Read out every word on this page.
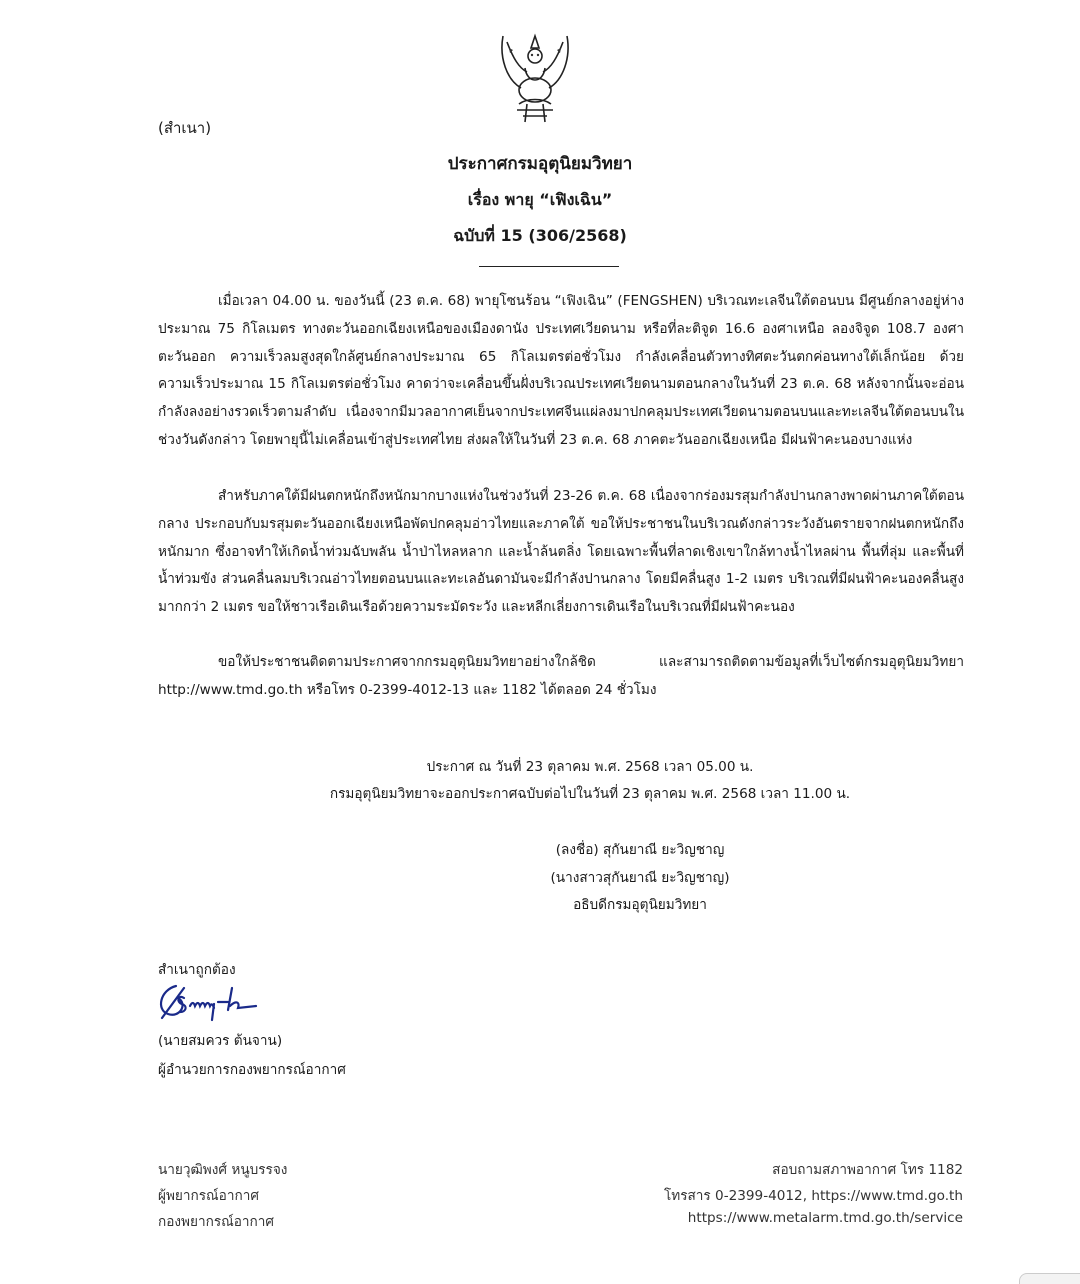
(สำเนา)
ประกาศกรมอุตุนิยมวิทยา
เรื่อง พายุ “เฟิงเฉิน”
ฉบับที่ 15 (306/2568)
เมื่อเวลา 04.00 น. ของวันนี้ (23 ต.ค. 68) พายุโซนร้อน “เฟิงเฉิน” (FENGSHEN) บริเวณทะเลจีนใต้ตอนบน มีศูนย์กลางอยู่ห่างประมาณ 75 กิโลเมตร ทางตะวันออกเฉียงเหนือของเมืองดานัง ประเทศเวียดนาม หรือที่ละติจูด 16.6 องศาเหนือ ลองจิจูด 108.7 องศาตะวันออก ความเร็วลมสูงสุดใกล้ศูนย์กลางประมาณ 65 กิโลเมตรต่อชั่วโมง กำลังเคลื่อนตัวทางทิศตะวันตกค่อนทางใต้เล็กน้อย ด้วยความเร็วประมาณ 15 กิโลเมตรต่อชั่วโมง คาดว่าจะเคลื่อนขึ้นฝั่งบริเวณประเทศเวียดนามตอนกลางในวันที่ 23 ต.ค. 68 หลังจากนั้นจะอ่อนกำลังลงอย่างรวดเร็วตามลำดับ เนื่องจากมีมวลอากาศเย็นจากประเทศจีนแผ่ลงมาปกคลุมประเทศเวียดนามตอนบนและทะเลจีนใต้ตอนบนในช่วงวันดังกล่าว โดยพายุนี้ไม่เคลื่อนเข้าสู่ประเทศไทย ส่งผลให้ในวันที่ 23 ต.ค. 68 ภาคตะวันออกเฉียงเหนือ มีฝนฟ้าคะนองบางแห่ง
สำหรับภาคใต้มีฝนตกหนักถึงหนักมากบางแห่งในช่วงวันที่ 23-26 ต.ค. 68 เนื่องจากร่องมรสุมกำลังปานกลางพาดผ่านภาคใต้ตอนกลาง ประกอบกับมรสุมตะวันออกเฉียงเหนือพัดปกคลุมอ่าวไทยและภาคใต้ ขอให้ประชาชนในบริเวณดังกล่าวระวังอันตรายจากฝนตกหนักถึงหนักมาก ซึ่งอาจทำให้เกิดน้ำท่วมฉับพลัน น้ำป่าไหลหลาก และน้ำล้นตลิ่ง โดยเฉพาะพื้นที่ลาดเชิงเขาใกล้ทางน้ำไหลผ่าน พื้นที่ลุ่ม และพื้นที่น้ำท่วมขัง ส่วนคลื่นลมบริเวณอ่าวไทยตอนบนและทะเลอันดามันจะมีกำลังปานกลาง โดยมีคลื่นสูง 1-2 เมตร บริเวณที่มีฝนฟ้าคะนองคลื่นสูงมากกว่า 2 เมตร ขอให้ชาวเรือเดินเรือด้วยความระมัดระวัง และหลีกเลี่ยงการเดินเรือในบริเวณที่มีฝนฟ้าคะนอง
ขอให้ประชาชนติดตามประกาศจากกรมอุตุนิยมวิทยาอย่างใกล้ชิด และสามารถติดตามข้อมูลที่เว็บไซต์กรมอุตุนิยมวิทยา http://www.tmd.go.th หรือโทร 0-2399-4012-13 และ 1182 ได้ตลอด 24 ชั่วโมง
ประกาศ ณ วันที่ 23 ตุลาคม พ.ศ. 2568 เวลา 05.00 น.
กรมอุตุนิยมวิทยาจะออกประกาศฉบับต่อไปในวันที่ 23 ตุลาคม พ.ศ. 2568 เวลา 11.00 น.
(ลงชื่อ) สุกันยาณี ยะวิญชาญ
(นางสาวสุกันยาณี ยะวิญชาญ)
อธิบดีกรมอุตุนิยมวิทยา
สำเนาถูกต้อง
(นายสมควร ต้นจาน)
ผู้อำนวยการกองพยากรณ์อากาศ
นายวุฒิพงศ์ หนูบรรจง
ผู้พยากรณ์อากาศ
กองพยากรณ์อากาศ
สอบถามสภาพอากาศ โทร 1182
โทรสาร 0-2399-4012, https://www.tmd.go.th
https://www.metalarm.tmd.go.th/service
